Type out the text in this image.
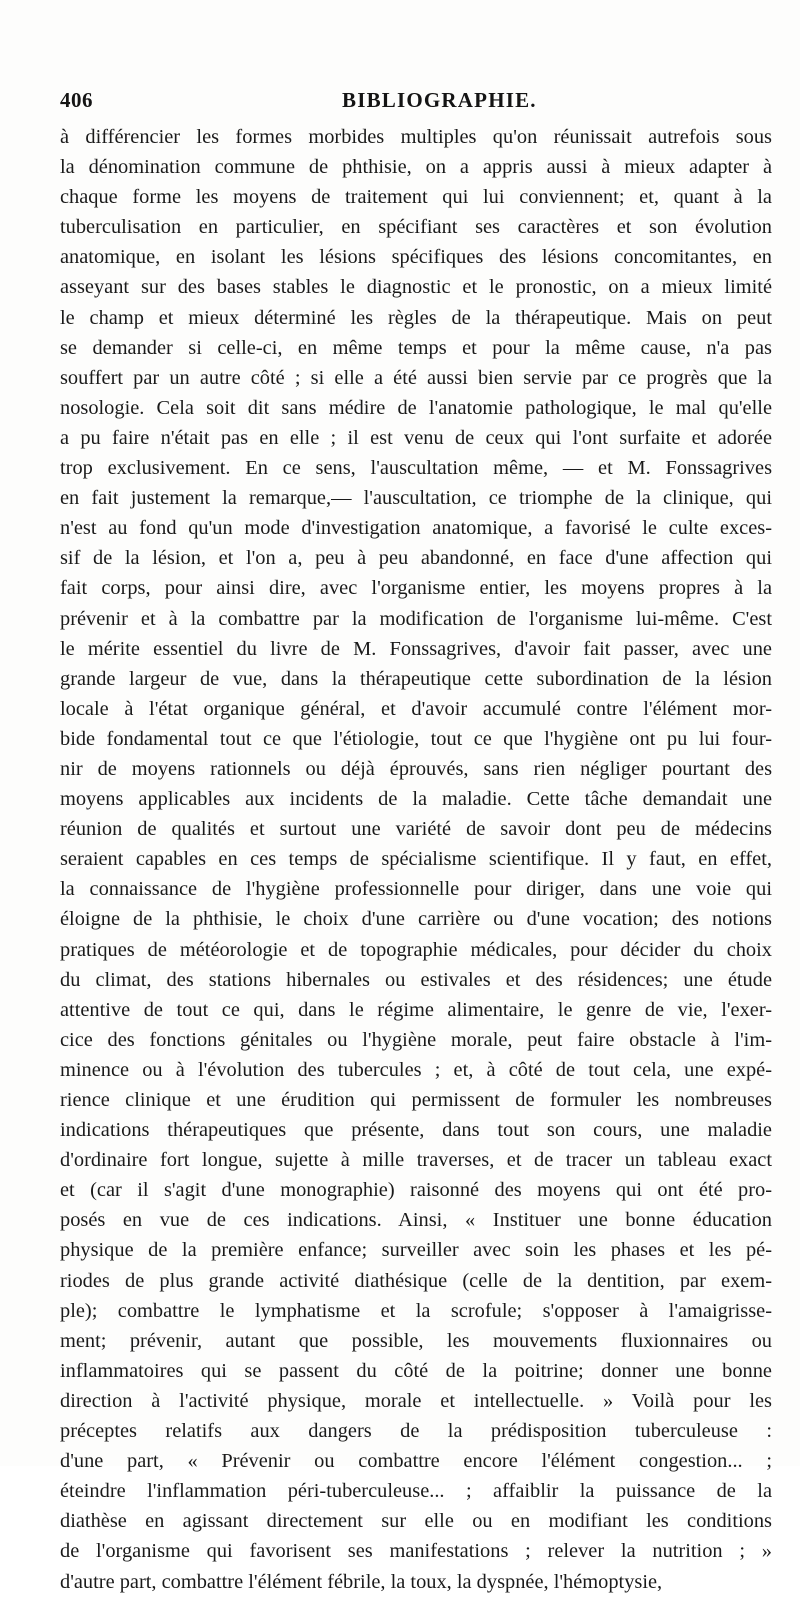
406	BIBLIOGRAPHIE.
à différencier les formes morbides multiples qu'on réunissait autrefois sous
la dénomination commune de phthisie, on a appris aussi à mieux adapter à
chaque forme les moyens de traitement qui lui conviennent; et, quant à la
tuberculisation en particulier, en spécifiant ses caractères et son évolution
anatomique, en isolant les lésions spécifiques des lésions concomitantes, en
asseyant sur des bases stables le diagnostic et le pronostic, on a mieux limité
le champ et mieux déterminé les règles de la thérapeutique. Mais on peut
se demander si celle-ci, en même temps et pour la même cause, n'a pas
souffert par un autre côté ; si elle a été aussi bien servie par ce progrès que la
nosologie. Cela soit dit sans médire de l'anatomie pathologique, le mal qu'elle
a pu faire n'était pas en elle ; il est venu de ceux qui l'ont surfaite et adorée
trop exclusivement. En ce sens, l'auscultation même, — et M. Fonssagrives
en fait justement la remarque,— l'auscultation, ce triomphe de la clinique, qui
n'est au fond qu'un mode d'investigation anatomique, a favorisé le culte exces-
sif de la lésion, et l'on a, peu à peu abandonné, en face d'une affection qui
fait corps, pour ainsi dire, avec l'organisme entier, les moyens propres à la
prévenir et à la combattre par la modification de l'organisme lui-même. C'est
le mérite essentiel du livre de M. Fonssagrives, d'avoir fait passer, avec une
grande largeur de vue, dans la thérapeutique cette subordination de la lésion
locale à l'état organique général, et d'avoir accumulé contre l'élément mor-
bide fondamental tout ce que l'étiologie, tout ce que l'hygiène ont pu lui four-
nir de moyens rationnels ou déjà éprouvés, sans rien négliger pourtant des
moyens applicables aux incidents de la maladie. Cette tâche demandait une
réunion de qualités et surtout une variété de savoir dont peu de médecins
seraient capables en ces temps de spécialisme scientifique. Il y faut, en effet,
la connaissance de l'hygiène professionnelle pour diriger, dans une voie qui
éloigne de la phthisie, le choix d'une carrière ou d'une vocation; des notions
pratiques de météorologie et de topographie médicales, pour décider du choix
du climat, des stations hibernales ou estivales et des résidences; une étude
attentive de tout ce qui, dans le régime alimentaire, le genre de vie, l'exer-
cice des fonctions génitales ou l'hygiène morale, peut faire obstacle à l'im-
minence ou à l'évolution des tubercules ; et, à côté de tout cela, une expé-
rience clinique et une érudition qui permissent de formuler les nombreuses
indications thérapeutiques que présente, dans tout son cours, une maladie
d'ordinaire fort longue, sujette à mille traverses, et de tracer un tableau exact
et (car il s'agit d'une monographie) raisonné des moyens qui ont été pro-
posés en vue de ces indications. Ainsi, « Instituer une bonne éducation
physique de la première enfance; surveiller avec soin les phases et les pé-
riodes de plus grande activité diathésique (celle de la dentition, par exem-
ple); combattre le lymphatisme et la scrofule; s'opposer à l'amaigrisse-
ment; prévenir, autant que possible, les mouvements fluxionnaires ou
inflammatoires qui se passent du côté de la poitrine; donner une bonne
direction à l'activité physique, morale et intellectuelle. » Voilà pour les
préceptes relatifs aux dangers de la prédisposition tuberculeuse :
d'une part, « Prévenir ou combattre encore l'élément congestion... ;
éteindre l'inflammation péri-tuberculeuse... ; affaiblir la puissance de la
diathèse en agissant directement sur elle ou en modifiant les conditions
de l'organisme qui favorisent ses manifestations ; relever la nutrition ; »
d'autre part, combattre l'élément fébrile, la toux, la dyspnée, l'hémoptysie,
